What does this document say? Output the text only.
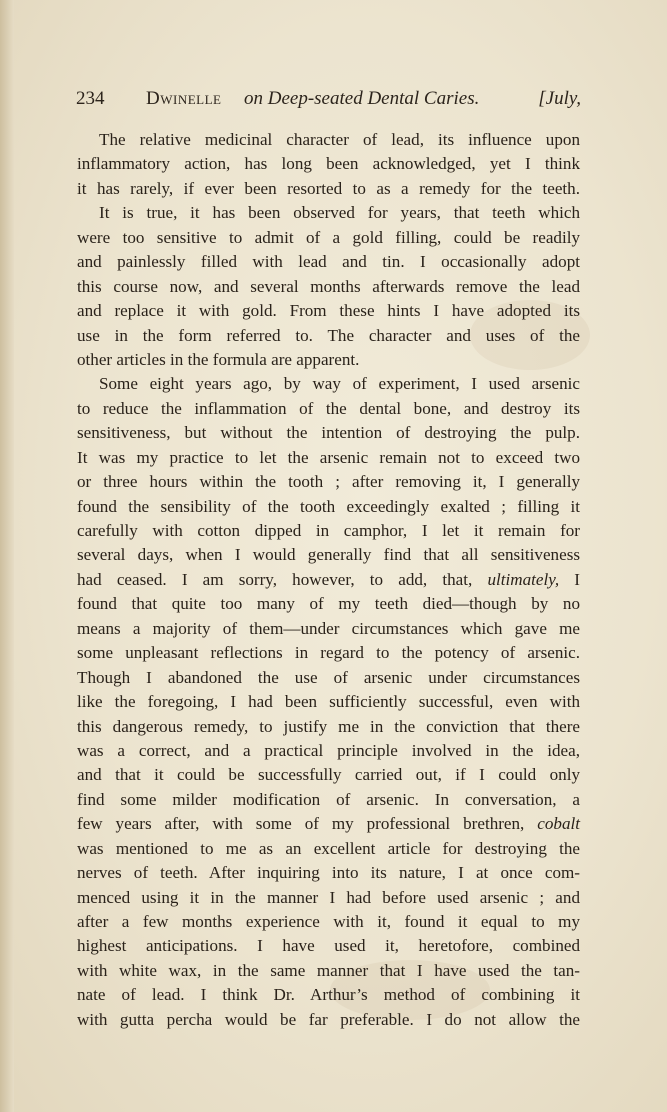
234 Dwinelle on Deep-seated Dental Caries.	[July,
The relative medicinal character of lead, its influence upon
inflammatory action, has long been acknowledged, yet I think
it has rarely, if ever been resorted to as a remedy for the teeth.
It is true, it has been observed for years, that teeth which
were too sensitive to admit of a gold filling, could be readily
and painlessly filled with lead and tin. I occasionally adopt
this course now, and several months afterwards remove the lead
and replace it with gold. From these hints I have adopted its
use in the form referred to. The character and uses of the
other articles in the formula are apparent.
Some eight years ago, by way of experiment, I used arsenic
to reduce the inflammation of the dental bone, and destroy its
sensitiveness, but without the intention of destroying the pulp.
It was my practice to let the arsenic remain not to exceed two
or three hours within the tooth ; after removing it, I generally
found the sensibility of the tooth exceedingly exalted ; filling it
carefully with cotton dipped in camphor, I let it remain for
several days, when I would generally find that all sensitiveness
had ceased. I am sorry, however, to add, that, ultimately, I
found that quite too many of my teeth died—though by no
means a majority of them—under circumstances which gave me
some unpleasant reflections in regard to the potency of arsenic.
Though I abandoned the use of arsenic under circumstances
like the foregoing, I had been sufficiently successful, even with
this dangerous remedy, to justify me in the conviction that there
was a correct, and a practical principle involved in the idea,
and that it could be successfully carried out, if I could only
find some milder modification of arsenic. In conversation, a
few years after, with some of my professional brethren, cobalt
was mentioned to me as an excellent article for destroying the
nerves of teeth. After inquiring into its nature, I at once com-
menced using it in the manner I had before used arsenic ; and
after a few months experience with it, found it equal to my
highest anticipations. I have used it, heretofore, combined
with white wax, in the same manner that I have used the tan-
nate of lead. I think Dr. Arthur’s method of combining it
with gutta percha would be far preferable. I do not allow the
